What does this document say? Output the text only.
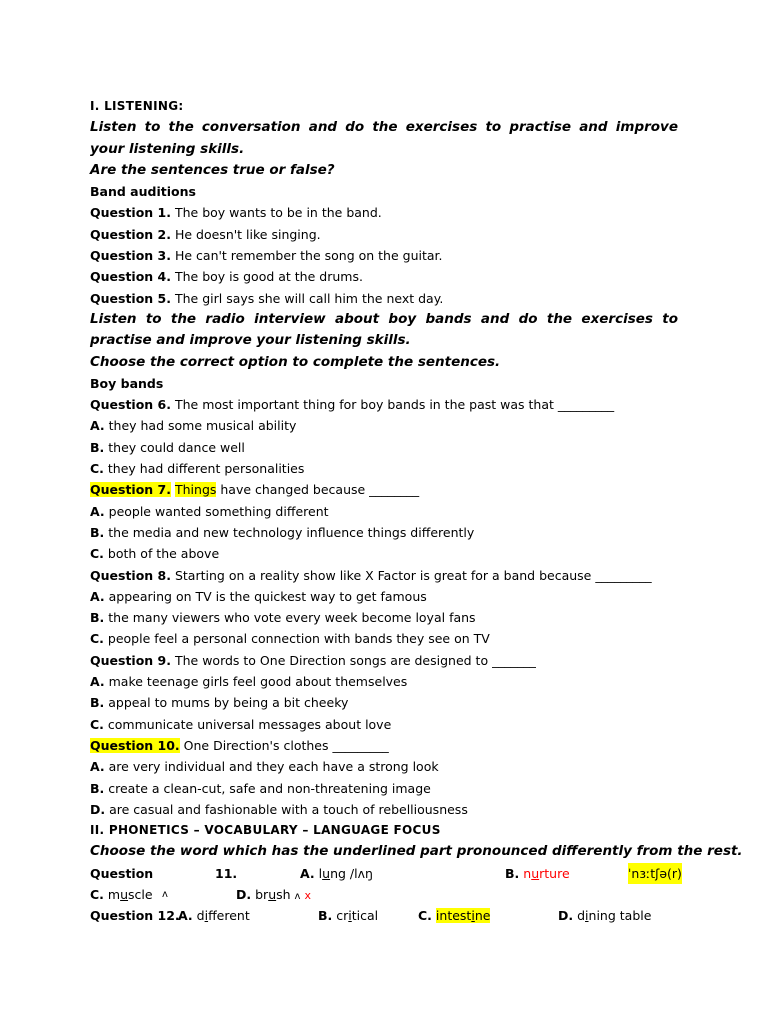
I. LISTENING:
Listen to the conversation and do the exercises to practise and improve your listening skills.
Are the sentences true or false?
Band auditions
Question 1. The boy wants to be in the band.
Question 2. He doesn't like singing.
Question 3. He can't remember the song on the guitar.
Question 4. The boy is good at the drums.
Question 5. The girl says she will call him the next day.
Listen to the radio interview about boy bands and do the exercises to practise and improve your listening skills.
Choose the correct option to complete the sentences.
Boy bands
Question 6. The most important thing for boy bands in the past was that _________
A. they had some musical ability
B. they could dance well
C. they had different personalities
Question 7. Things have changed because ________
A. people wanted something different
B. the media and new technology influence things differently
C. both of the above
Question 8. Starting on a reality show like X Factor is great for a band because _________
A. appearing on TV is the quickest way to get famous
B. the many viewers who vote every week become loyal fans
C. people feel a personal connection with bands they see on TV
Question 9. The words to One Direction songs are designed to _______
A. make teenage girls feel good about themselves
B. appeal to mums by being a bit cheeky
C. communicate universal messages about love
Question 10. One Direction's clothes _________
A. are very individual and they each have a strong look
B. create a clean-cut, safe and non-threatening image
D. are casual and fashionable with a touch of rebelliousness
II. PHONETICS – VOCABULARY – LANGUAGE FOCUS
Choose the word which has the underlined part pronounced differently from the rest.
Question	11.	A. lung /lʌŋ	B. nurture	ˈnɜːtʃə(r)
C. muscle ʌ	D. brush ʌ x
Question 12.
A. different	B. critical	C. intestine	D. dining table
